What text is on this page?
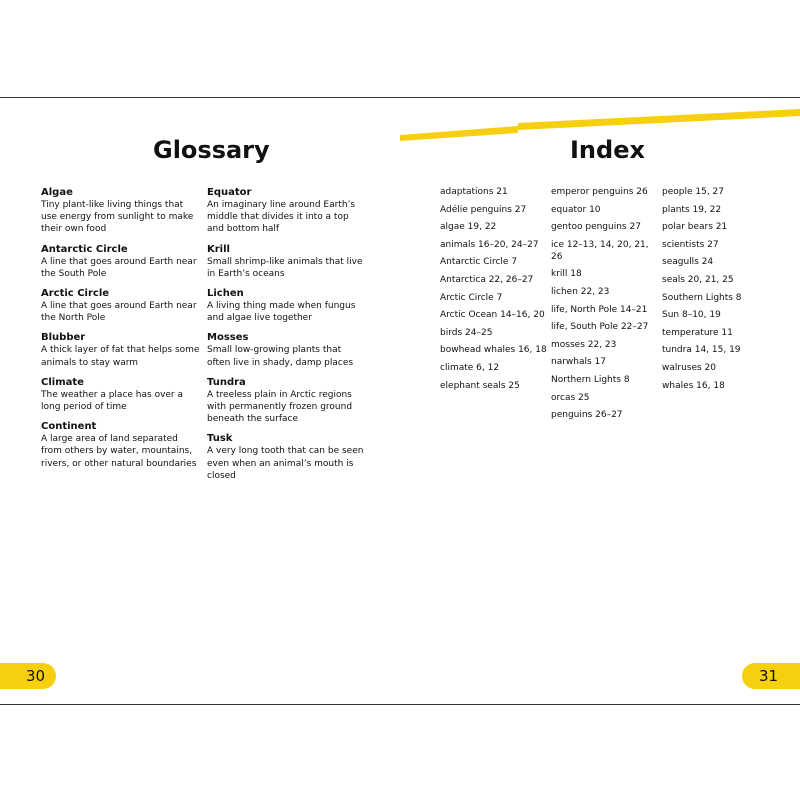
Glossary	Index
Algae
Tiny plant-like living things that use energy from sunlight to make their own food
Antarctic Circle
A line that goes around Earth near the South Pole
Arctic Circle
A line that goes around Earth near the North Pole
Blubber
A thick layer of fat that helps some animals to stay warm
Climate
The weather a place has over a long period of time
Continent
A large area of land separated from others by water, mountains, rivers, or other natural boundaries
Equator
An imaginary line around Earth’s middle that divides it into a top and bottom half
Krill
Small shrimp-like animals that live in Earth’s oceans
Lichen
A living thing made when fungus and algae live together
Mosses
Small low-growing plants that often live in shady, damp places
Tundra
A treeless plain in Arctic regions with permanently frozen ground beneath the surface
Tusk
A very long tooth that can be seen even when an animal’s mouth is closed
adaptations 21
Adélie penguins 27
algae 19, 22
animals 16–20, 24–27
Antarctic Circle 7
Antarctica 22, 26–27
Arctic Circle 7
Arctic Ocean 14–16, 20
birds 24–25
bowhead whales 16, 18
climate 6, 12
elephant seals 25
emperor penguins 26
equator 10
gentoo penguins 27
ice 12–13, 14, 20, 21, 26
krill 18
lichen 22, 23
life, North Pole 14–21
life, South Pole 22–27
mosses 22, 23
narwhals 17
Northern Lights 8
orcas 25
penguins 26–27
people 15, 27
plants 19, 22
polar bears 21
scientists 27
seagulls 24
seals 20, 21, 25
Southern Lights 8
Sun 8–10, 19
temperature 11
tundra 14, 15, 19
walruses 20
whales 16, 18
30	31
